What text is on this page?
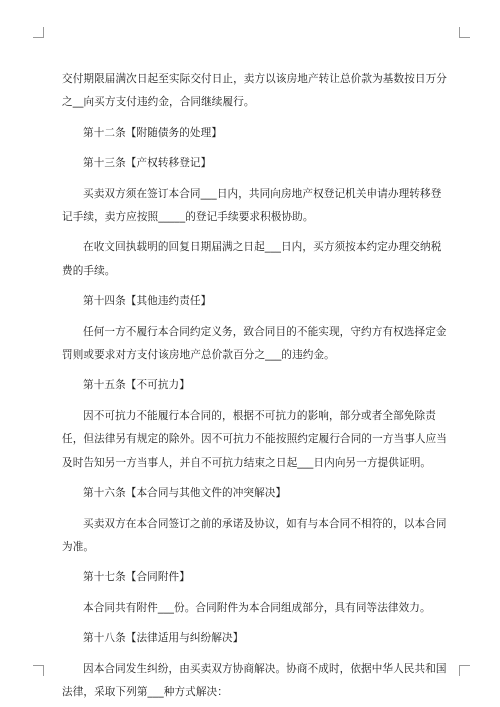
交付期限届满次日起至实际交付日止，卖方以该房地产转让总价款为基数按日万分之__向买方支付违约金，合同继续履行。

第十二条【附随债务的处理】

第十三条【产权转移登记】

买卖双方须在签订本合同___日内，共同向房地产权登记机关申请办理转移登记手续，卖方应按照_____的登记手续要求积极协助。

在收文回执载明的回复日期届满之日起___日内，买方须按本约定办理交纳税费的手续。

第十四条【其他违约责任】

任何一方不履行本合同约定义务，致合同目的不能实现，守约方有权选择定金罚则或要求对方支付该房地产总价款百分之___的违约金。

第十五条【不可抗力】

因不可抗力不能履行本合同的，根据不可抗力的影响，部分或者全部免除责任，但法律另有规定的除外。因不可抗力不能按照约定履行合同的一方当事人应当及时告知另一方当事人，并自不可抗力结束之日起___日内向另一方提供证明。

第十六条【本合同与其他文件的冲突解决】

买卖双方在本合同签订之前的承诺及协议，如有与本合同不相符的，以本合同为准。

第十七条【合同附件】

本合同共有附件___份。合同附件为本合同组成部分，具有同等法律效力。

第十八条【法律适用与纠纷解决】

因本合同发生纠纷，由买卖双方协商解决。协商不成时，依据中华人民共和国法律，采取下列第___种方式解决：
